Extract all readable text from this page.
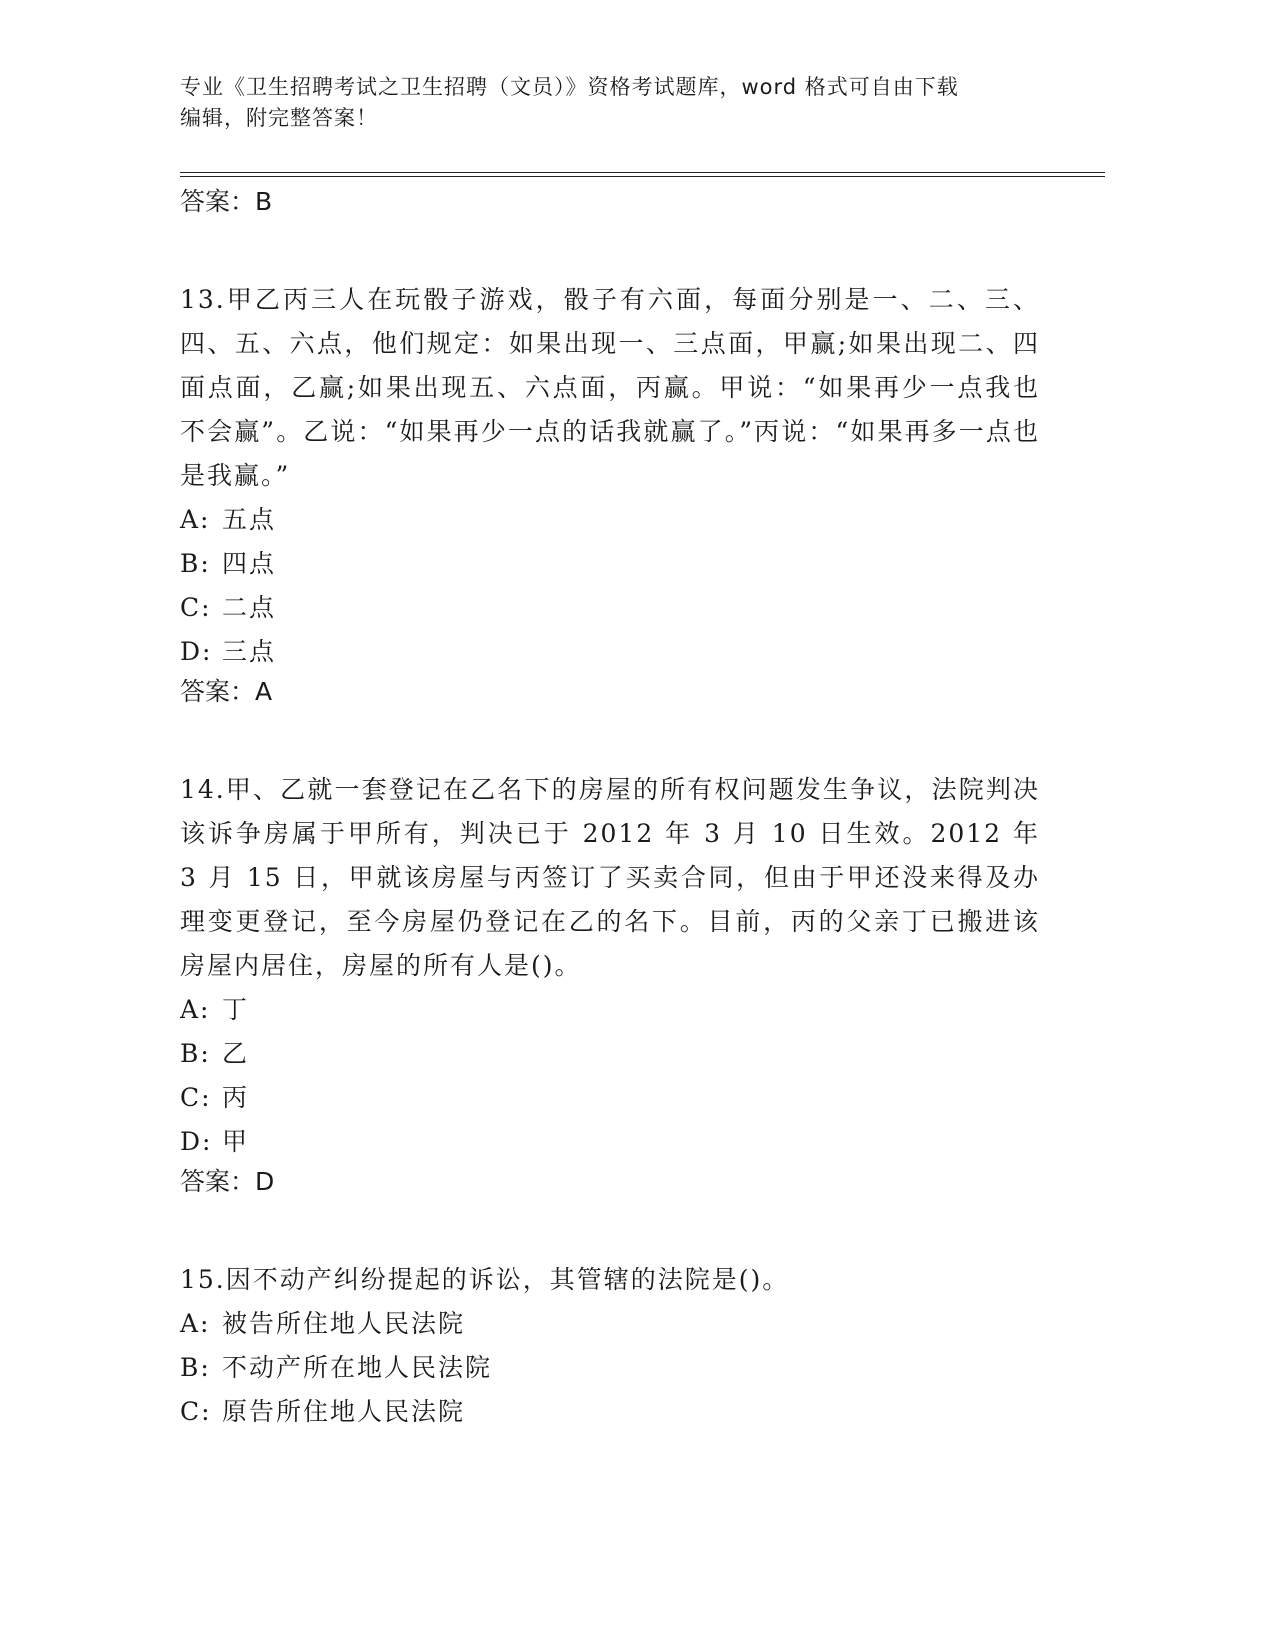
专业《卫生招聘考试之卫生招聘（文员）》资格考试题库，word 格式可自由下载
编辑，附完整答案！

答案：B

13.甲乙丙三人在玩骰子游戏，骰子有六面，每面分别是一、二、三、四、五、六点，他们规定：如果出现一、三点面，甲赢;如果出现二、四面点面，乙赢;如果出现五、六点面，丙赢。甲说：“如果再少一点我也不会赢”。乙说：“如果再少一点的话我就赢了。”丙说：“如果再多一点也是我赢。”

A: 五点

B: 四点

C: 二点

D: 三点

答案：A

14.甲、乙就一套登记在乙名下的房屋的所有权问题发生争议，法院判决该诉争房属于甲所有，判决已于 2012 年 3 月 10 日生效。2012 年 3 月 15 日，甲就该房屋与丙签订了买卖合同，但由于甲还没来得及办理变更登记，至今房屋仍登记在乙的名下。目前，丙的父亲丁已搬进该房屋内居住，房屋的所有人是()。

A: 丁

B: 乙

C: 丙

D: 甲

答案：D

15.因不动产纠纷提起的诉讼，其管辖的法院是()。

A: 被告所住地人民法院

B: 不动产所在地人民法院

C: 原告所住地人民法院
